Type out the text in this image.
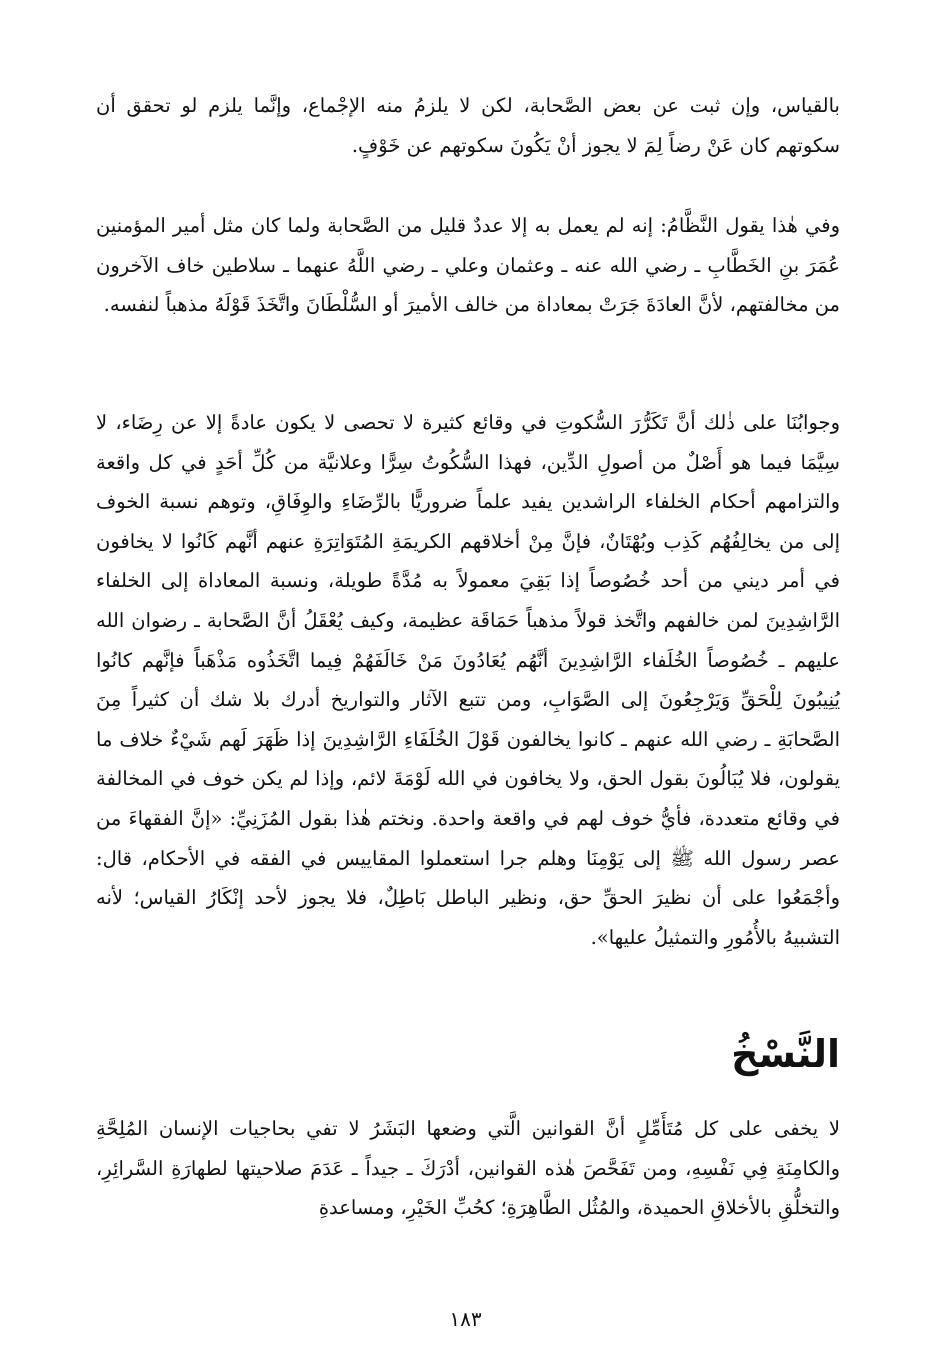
بالقياس، وإن ثبت عن بعض الصَّحابة، لكن لا يلزمُ منه الإجْماع، وإنَّما يلزم لو تحقق أن سكوتهم كان عَنْ رضاً لِمَ لا يجوز أنْ يَكُونَ سكوتهم عن خَوْفٍ.

وفي هٰذا يقول النَّظَّامُ: إنه لم يعمل به إلا عددٌ قليل من الصَّحابة ولما كان مثل أمير المؤمنين عُمَرَ بنِ الخَطَّابِ ـ رضي الله عنه ـ وعثمان وعلي ـ رضي اللَّهُ عنهما ـ سلاطين خاف الآخرون من مخالفتهم، لأنَّ العادَةَ جَرَتْ بمعاداة من خالف الأميرَ أو السُّلْطَانَ واتَّخَذَ قَوْلَهُ مذهباً لنفسه.

وجوابُنَا على ذٰلك أنَّ تَكَرُّرَ السُّكوتِ في وقائع كثيرة لا تحصى لا يكون عادةً إلا عن رِضَاء، لا سِيَّمَا فيما هو أَصْلٌ من أصولِ الدِّين، فهذا السُّكُوتُ سِرًّا وعلانيَّة من كُلِّ أحَدٍ في كل واقعة والتزامهم أحكام الخلفاء الراشدين يفيد علماً ضروريًّا بالرِّضَاءِ والوِفَاقِ، وتوهم نسبة الخوف إلى من يخالِفُهُم كَذِب وبُهْتَانٌ، فإنَّ مِنْ أخلاقهم الكريمَةِ المُتَوَاتِرَةِ عنهم أنَّهم كَانُوا لا يخافون في أمر ديني من أحد خُصُوصاً إذا بَقِيَ معمولاً به مُدَّةً طويلة، ونسبة المعاداة إلى الخلفاء الرَّاشِدِينَ لمن خالفهم واتَّخذ قولاً مذهباً حَمَاقَة عظيمة، وكيف يُعْقَلُ أنَّ الصَّحابة ـ رضوان الله عليهم ـ خُصُوصاً الخُلَفاء الرَّاشِدِينَ أنَّهُم يُعَادُونَ مَنْ خَالَفَهُمْ فِيما اتَّخَذُوه مَذْهَباً فإنَّهم كانُوا يُنِيبُونَ لِلْحَقِّ وَيَرْجِعُونَ إلى الصَّوَابِ، ومن تتبع الآثار والتواريخ أدرك بلا شك أن كثيراً مِنَ الصَّحابَةِ ـ رضي الله عنهم ـ كانوا يخالفون قَوْلَ الخُلَفَاءِ الرَّاشِدِينَ إذا ظَهَرَ لَهم شَيْءٌ خلاف ما يقولون، فلا يُبَالُونَ بقول الحق، ولا يخافون في الله لَوْمَةَ لائم، وإذا لم يكن خوف في المخالفة في وقائع متعددة، فأيُّ خوف لهم في واقعة واحدة. ونختم هٰذا بقول المُزَنِيِّ: «إنَّ الفقهاءَ من عصر رسول الله ﷺ إلى يَوْمِنَا وهلم جرا استعملوا المقاييس في الفقه في الأحكام، قال: وأجْمَعُوا على أن نظيرَ الحقِّ حق، ونظير الباطل بَاطِلٌ، فلا يجوز لأحد إنْكَارُ القياس؛ لأنه التشبيهُ بالأُمُورِ والتمثيلُ عليها».

النَّسْخُ

لا يخفى على كل مُتَأَمِّلٍ أنَّ القوانين الَّتي وضعها البَشَرُ لا تفي بحاجيات الإنسان المُلِحَّةِ والكامِنَةِ فِي نَفْسِهِ، ومن تَفَحَّصَ هٰذه القوانين، أدْرَكَ ـ جيداً ـ عَدَمَ صلاحيتها لطهارَةِ السَّرائِرِ، والتخلُّقِ بالأخلاقِ الحميدة، والمُثُل الطَّاهِرَةِ؛ كحُبِّ الخَيْرِ، ومساعدةِ

١٨٣
